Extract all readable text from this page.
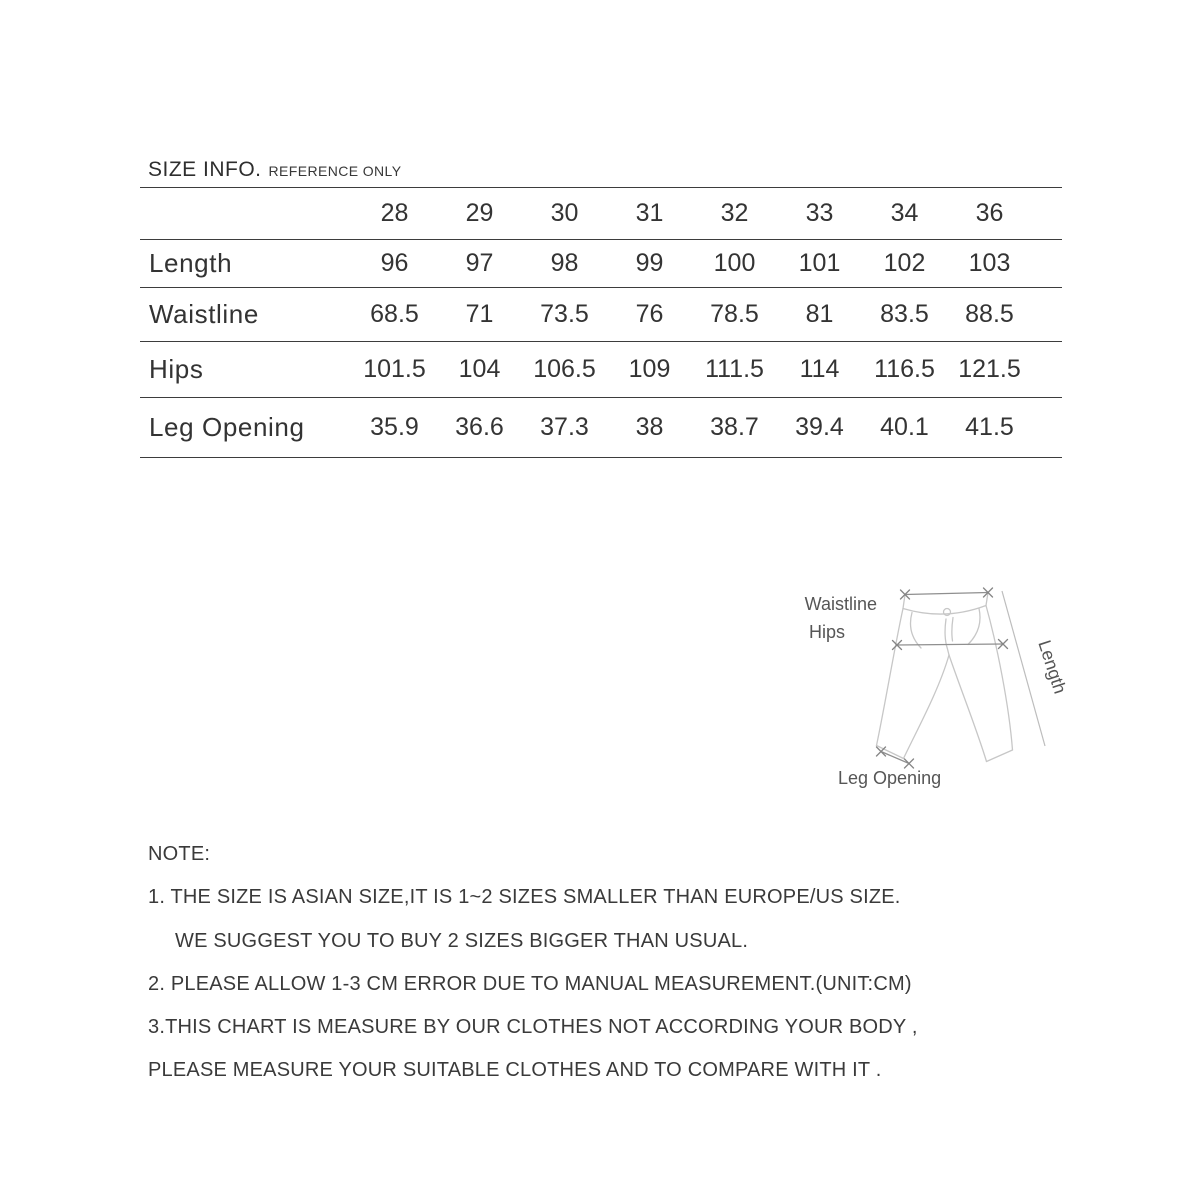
SIZE INFO. REFERENCE ONLY
	28	29	30	31	32	33	34	36	
Length	96	97	98	99	100	101	102	103	
Waistline	68.5	71	73.5	76	78.5	81	83.5	88.5	
Hips	101.5	104	106.5	109	111.5	114	116.5	121.5	
Leg Opening	35.9	36.6	37.3	38	38.7	39.4	40.1	41.5	
Waistline
Hips
Length
Leg Opening
NOTE:
1. THE SIZE IS ASIAN SIZE,IT IS 1~2 SIZES SMALLER THAN EUROPE/US SIZE.
WE SUGGEST YOU TO BUY 2 SIZES BIGGER THAN USUAL.
2. PLEASE ALLOW 1-3 CM ERROR DUE TO MANUAL MEASUREMENT.(UNIT:CM)
3.THIS CHART IS MEASURE BY OUR CLOTHES NOT ACCORDING YOUR BODY ,
PLEASE MEASURE YOUR SUITABLE CLOTHES AND TO COMPARE WITH IT .
